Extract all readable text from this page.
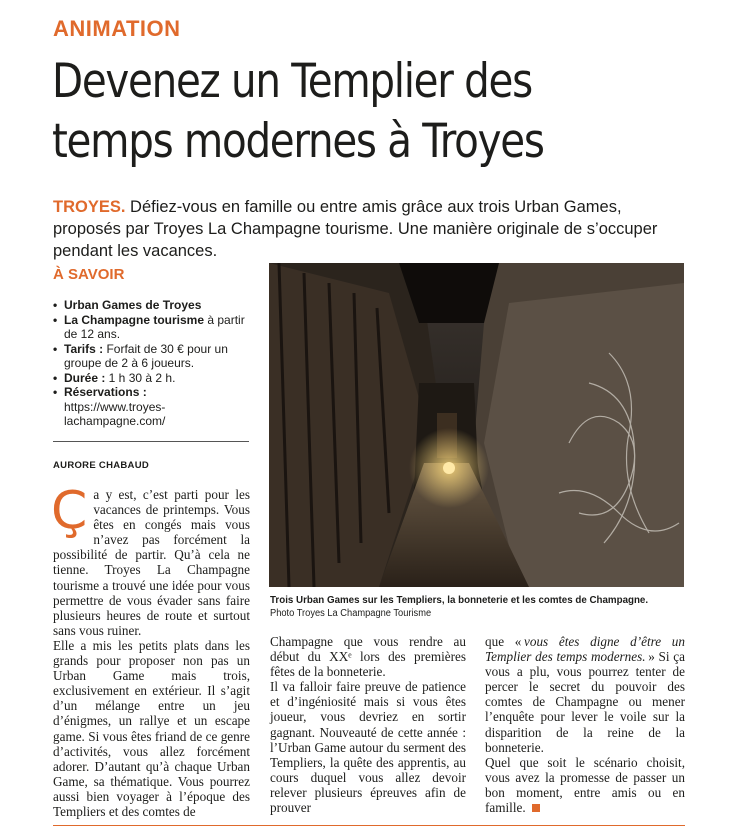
ANIMATION
Devenez un Templier des
temps modernes à Troyes
TROYES. Défiez-vous en famille ou entre amis grâce aux trois Urban Games, proposés par Troyes La Champagne tourisme. Une manière originale de s’occuper pendant les vacances.
À SAVOIR
• Urban Games de Troyes
• La Champagne tourisme à partir de 12 ans.
• Tarifs : Forfait de 30 € pour un groupe de 2 à 6 joueurs.
• Durée : 1 h 30 à 2 h.
• Réservations : https://www.troyes-lachampagne.com/
AURORE CHABAUD

Ça y est, c’est parti pour les vacances de printemps. Vous êtes en congés mais vous n’avez pas forcément la possibilité de partir. Qu’à cela ne tienne. Troyes La Champagne tourisme a trouvé une idée pour vous permettre de vous évader sans faire plusieurs heures de route et surtout sans vous ruiner.

Elle a mis les petits plats dans les grands pour proposer non pas un Urban Game mais trois, exclusivement en extérieur. Il s’agit d’un mélange entre un jeu d’énigmes, un rallye et un escape game. Si vous êtes friand de ce genre d’activités, vous allez forcément adorer. D’autant qu’à chaque Urban Game, sa thématique. Vous pourrez aussi bien voyager à l’époque des Templiers et des comtes de

Champagne que vous rendre au début du XXᵉ lors des premières fêtes de la bonneterie.

Il va falloir faire preuve de patience et d’ingéniosité mais si vous êtes joueur, vous devriez en sortir gagnant. Nouveauté de cette année : l’Urban Game autour du serment des Templiers, la quête des apprentis, au cours duquel vous allez devoir relever plusieurs épreuves afin de prouver

que «  vous êtes digne d’être un Templier des temps modernes.  » Si ça vous a plu, vous pourrez tenter de percer le secret du pouvoir des comtes de Champagne ou mener l’enquête pour lever le voile sur la disparition de la reine de la bonneterie.

Quel que soit le scénario choisit, vous avez la promesse de passer un bon moment, entre amis ou en famille.

Trois Urban Games sur les Templiers, la bonneterie et les comtes de Champagne.
Photo Troyes La Champagne Tourisme
